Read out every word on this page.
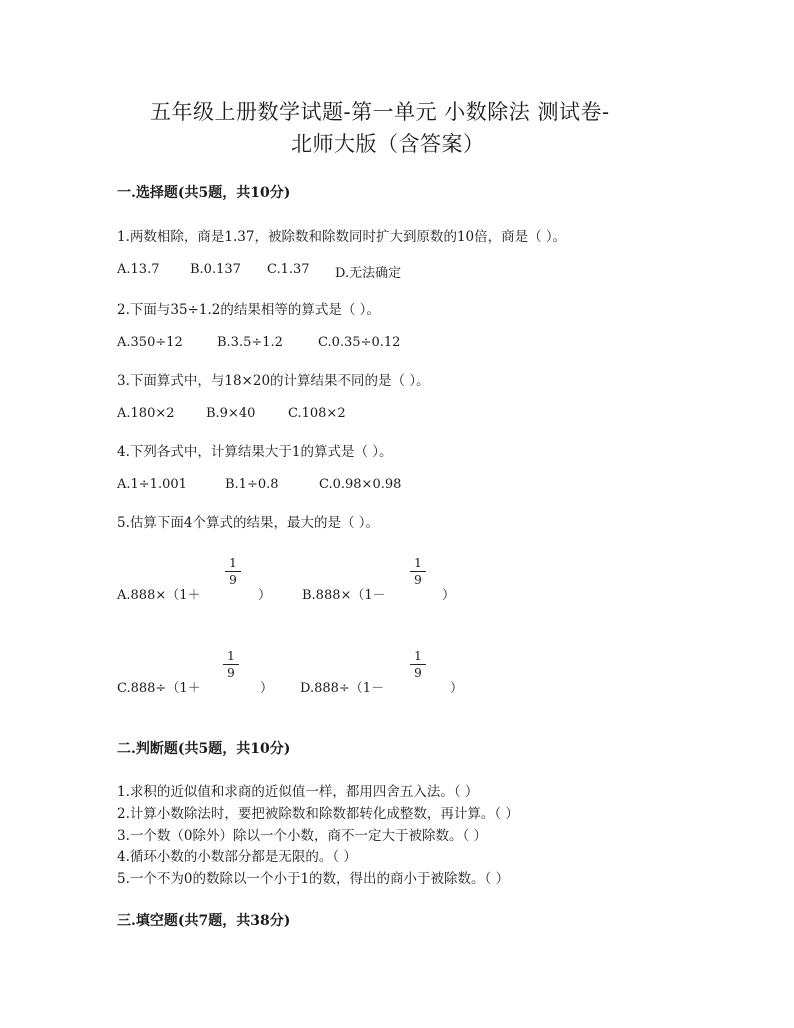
五年级上册数学试题-第一单元 小数除法 测试卷-
北师大版（含答案）
一.选择题(共5题，共10分)
1.两数相除，商是1.37，被除数和除数同时扩大到原数的10倍，商是（ ）。
A.13.7 B.0.137 C.1.37 D.无法确定
2.下面与35÷1.2的结果相等的算式是（ ）。
A.350÷12	B.3.5÷1.2	C.0.35÷0.12
3.下面算式中，与18×20的计算结果不同的是（ ）。
A.180×2 B.9×40	C.108×2
4.下列各式中，计算结果大于1的算式是（ ）。
A.1÷1.001	B.1÷0.8	C.0.98×0.98
5.估算下面4个算式的结果，最大的是（ ）。
A.888×（1＋
1
9
） B.888×（1－
1
9
）
C.888÷（1＋
1
9
） D.888÷（1－
1
9
）
二.判断题(共5题，共10分)
1.求积的近似值和求商的近似值一样，都用四舍五入法。（ ）
2.计算小数除法时，要把被除数和除数都转化成整数，再计算。（ ）
3.一个数（0除外）除以一个小数，商不一定大于被除数。（ ）
4.循环小数的小数部分都是无限的。（ ）
5.一个不为0的数除以一个小于1的数，得出的商小于被除数。（ ）
三.填空题(共7题，共38分)
